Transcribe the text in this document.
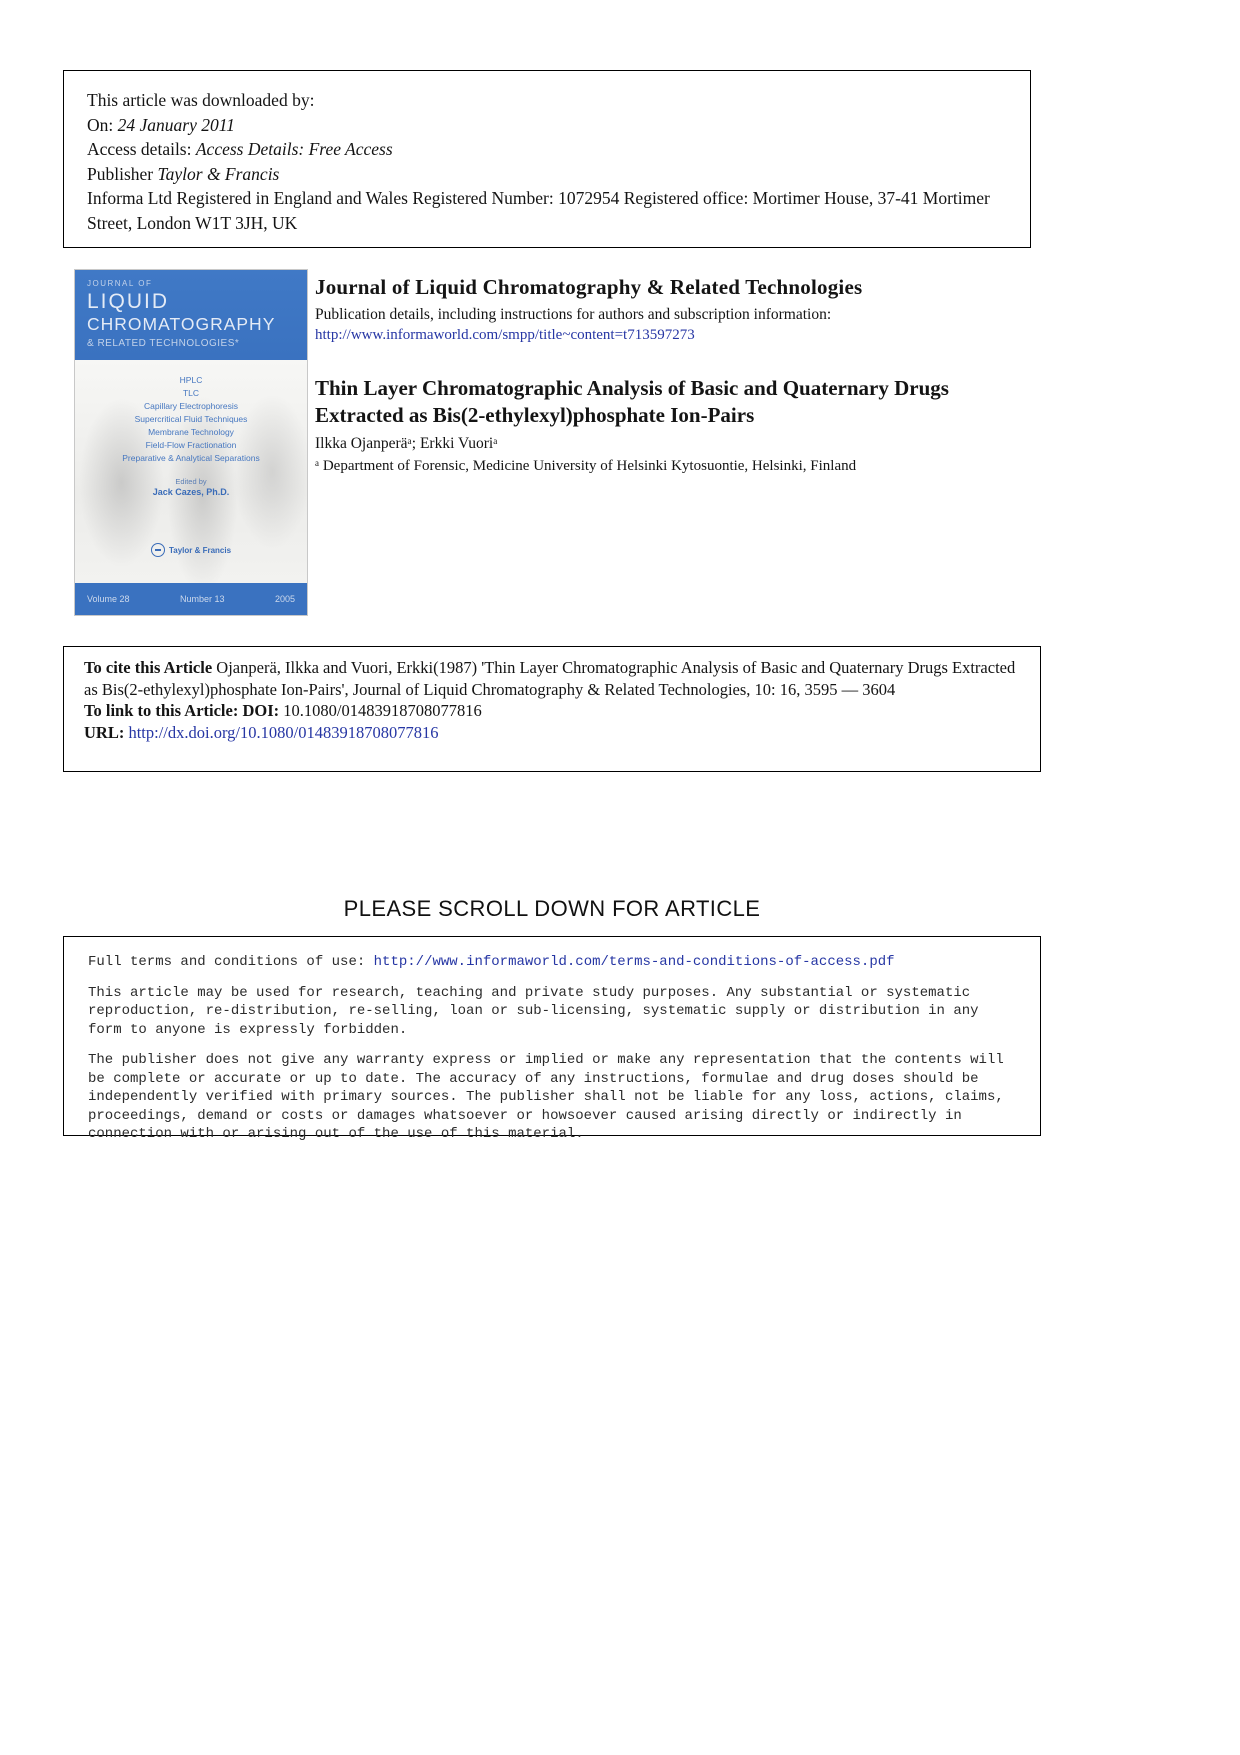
This article was downloaded by:
On: 24 January 2011
Access details: Access Details: Free Access
Publisher Taylor & Francis
Informa Ltd Registered in England and Wales Registered Number: 1072954 Registered office: Mortimer House, 37-41 Mortimer Street, London W1T 3JH, UK
JOURNAL OF
LIQUID
CHROMATOGRAPHY
& RELATED TECHNOLOGIES*
HPLC
TLC
Capillary Electrophoresis
Supercritical Fluid Techniques
Membrane Technology
Field-Flow Fractionation
Preparative & Analytical Separations
Edited by
Jack Cazes, Ph.D.
Taylor & Francis
Volume 28	Number 13	2005
Journal of Liquid Chromatography & Related Technologies
Publication details, including instructions for authors and subscription information:
http://www.informaworld.com/smpp/title~content=t713597273
Thin Layer Chromatographic Analysis of Basic and Quaternary Drugs Extracted as Bis(2-ethylexyl)phosphate Ion-Pairs
Ilkka Ojanperäᵃ; Erkki Vuoriᵃ
ᵃ Department of Forensic, Medicine University of Helsinki Kytosuontie, Helsinki, Finland
To cite this Article Ojanperä, Ilkka and Vuori, Erkki(1987) 'Thin Layer Chromatographic Analysis of Basic and Quaternary Drugs Extracted as Bis(2-ethylexyl)phosphate Ion-Pairs', Journal of Liquid Chromatography & Related Technologies, 10: 16, 3595 — 3604
To link to this Article: DOI: 10.1080/01483918708077816
URL: http://dx.doi.org/10.1080/01483918708077816
PLEASE SCROLL DOWN FOR ARTICLE

Full terms and conditions of use: http://www.informaworld.com/terms-and-conditions-of-access.pdf

This article may be used for research, teaching and private study purposes. Any substantial or systematic reproduction, re-distribution, re-selling, loan or sub-licensing, systematic supply or distribution in any form to anyone is expressly forbidden.

The publisher does not give any warranty express or implied or make any representation that the contents will be complete or accurate or up to date. The accuracy of any instructions, formulae and drug doses should be independently verified with primary sources. The publisher shall not be liable for any loss, actions, claims, proceedings, demand or costs or damages whatsoever or howsoever caused arising directly or indirectly in connection with or arising out of the use of this material.
